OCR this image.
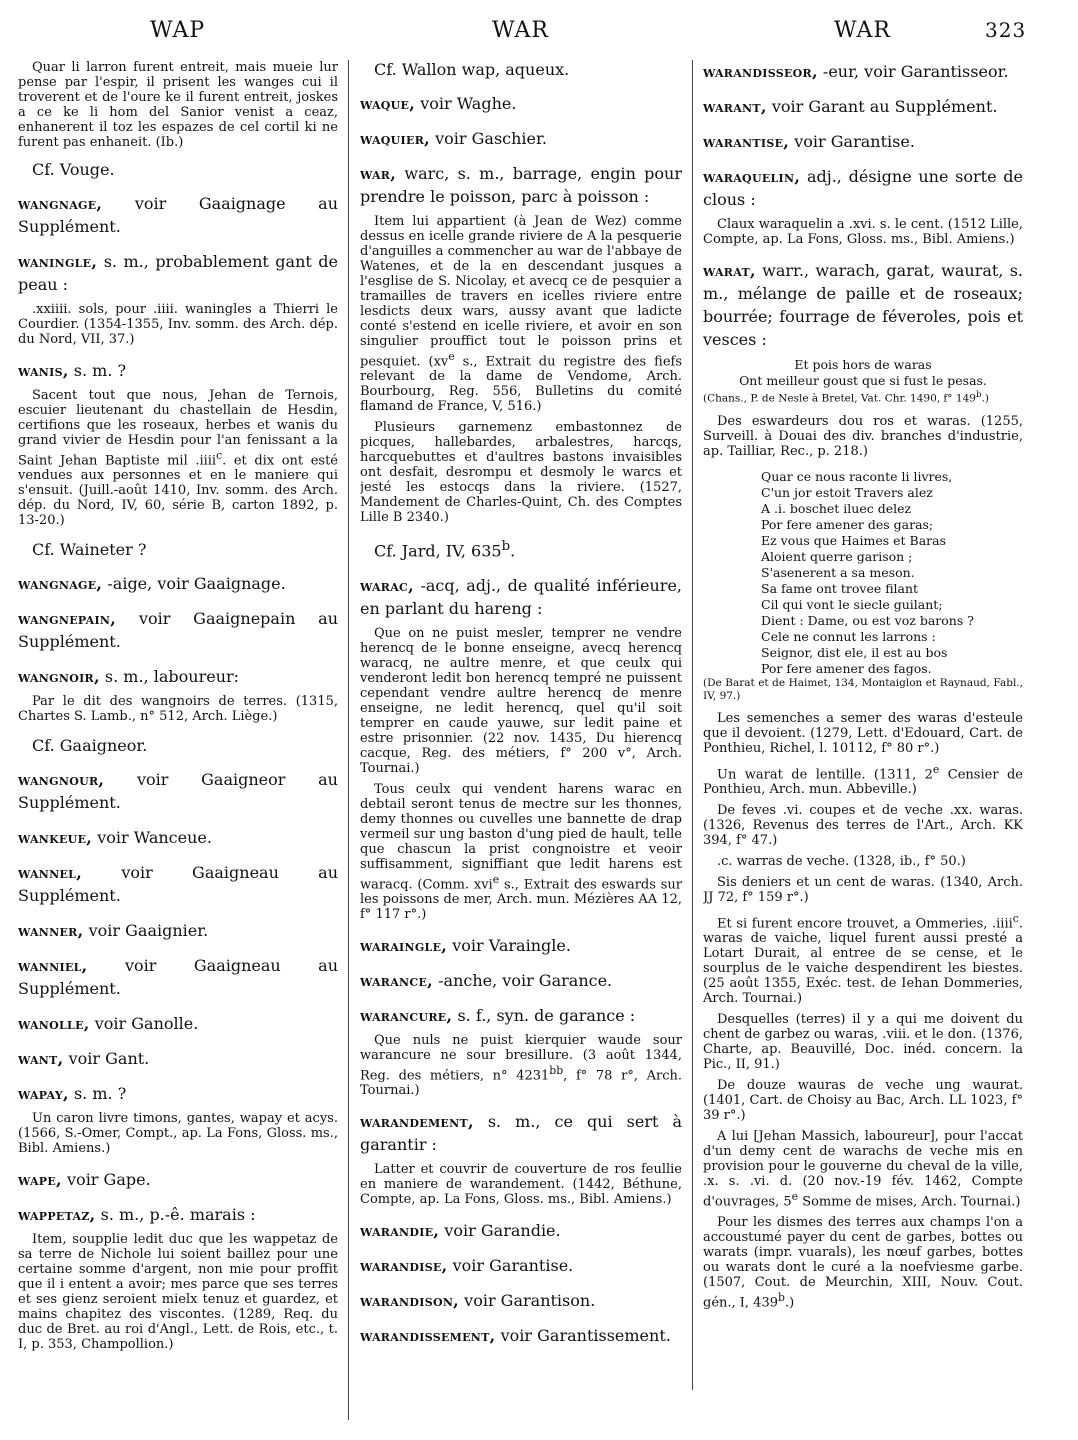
WAP	WAR	WAR	323

Quar li larron furent entreit, mais mueie lur pense par l'espir, il prisent les wanges cui il troverent et de l'oure ke il furent entreit, joskes a ce ke li hom del Sanior venist a ceaz, enhanerent il toz les espazes de cel cortil ki ne furent pas enhaneit. (Ib.)

Cf. Vouge.
wangnage, voir Gaaignage au Supplément.
waningle, s. m., probablement gant de peau :

.xxiiii. sols, pour .iiii. waningles a Thierri le Courdier. (1354-1355, Inv. somm. des Arch. dép. du Nord, VII, 37.)

wanis, s. m. ?

Sacent tout que nous, Jehan de Ternois, escuier lieutenant du chastellain de Hesdin, certifions que les roseaux, herbes et wanis du grand vivier de Hesdin pour l'an fenissant a la Saint Jehan Baptiste mil .iiii$^c$. et dix ont esté vendues aux personnes et en le maniere qui s'ensuit. (Juill.-août 1410, Inv. somm. des Arch. dép. du Nord, IV, 60, série B, carton 1892, p. 13-20.)

Cf. Waineter ?
wangnage, -aige, voir Gaaignage.
wangnepain, voir Gaaignepain au Supplément.
wangnoir, s. m., laboureur:

Par le dit des wangnoirs de terres. (1315, Chartes S. Lamb., n° 512, Arch. Liège.)

Cf. Gaaigneor.
wangnour, voir Gaaigneor au Supplément.
wankeue, voir Wanceue.
wannel, voir Gaaigneau au Supplément.
wanner, voir Gaaignier.
wanniel, voir Gaaigneau au Supplément.
wanolle, voir Ganolle.
want, voir Gant.
wapay, s. m. ?

Un caron livre timons, gantes, wapay et acys. (1566, S.-Omer, Compt., ap. La Fons, Gloss. ms., Bibl. Amiens.)

wape, voir Gape.
wappetaz, s. m., p.-ê. marais :

Item, soupplie ledit duc que les wappetaz de sa terre de Nichole lui soient baillez pour une certaine somme d'argent, non mie pour proffit que il i entent a avoir; mes parce que ses terres et ses gienz seroient mielx tenuz et guardez, et mains chapitez des viscontes. (1289, Req. du duc de Bret. au roi d'Angl., Lett. de Rois, etc., t. I, p. 353, Champollion.)

Cf. Wallon wap, aqueux.
waque, voir Waghe.
waquier, voir Gaschier.
war, warc, s. m., barrage, engin pour prendre le poisson, parc à poisson :

Item lui appartient (à Jean de Wez) comme dessus en icelle grande riviere de A la pesquerie d'anguilles a commencher au war de l'abbaye de Watenes, et de la en descendant jusques a l'esglise de S. Nicolay, et avecq ce de pesquier a tramailles de travers en icelles riviere entre lesdicts deux wars, aussy avant que ladicte conté s'estend en icelle riviere, et avoir en son singulier prouffict tout le poisson prins et pesquiet. ($xv^e$ s., Extrait du registre des fiefs relevant de la dame de Vendome, Arch. Bourbourg, Reg. 556, Bulletins du comité flamand de France, V, 516.)

Plusieurs garnemenz embastonnez de picques, hallebardes, arbalestres, harcqs, harcquebuttes et d'aultres bastons invaisibles ont desfait, desrompu et desmoly le warcs et jesté les estocqs dans la riviere. (1527, Mandement de Charles-Quint, Ch. des Comptes Lille B 2340.)

Cf. Jard, IV, 635$^b$.
warac, -acq, adj., de qualité inférieure, en parlant du hareng :

Que on ne puist mesler, temprer ne vendre herencq de le bonne enseigne, avecq herencq waracq, ne aultre menre, et que ceulx qui venderont ledit bon herencq tempré ne puissent cependant vendre aultre herencq de menre enseigne, ne ledit herencq, quel qu'il soit temprer en caude yauwe, sur ledit paine et estre prisonnier. (22 nov. 1435, Du hierencq cacque, Reg. des métiers, f° 200 v°, Arch. Tournai.)

Tous ceulx qui vendent harens warac en debtail seront tenus de mectre sur les thonnes, demy thonnes ou cuvelles une bannette de drap vermeil sur ung baston d'ung pied de hault, telle que chascun la prist congnoistre et veoir suffisamment, signiffiant que ledit harens est waracq. (Comm. xvi$^e$ s., Extrait des eswards sur les poissons de mer, Arch. mun. Mézières AA 12, f° 117 r°.)

waraingle, voir Varaingle.
warance, -anche, voir Garance.
warancure, s. f., syn. de garance :

Que nuls ne puist kierquier waude sour warancure ne sour bresillure. (3 août 1344, Reg. des métiers, n° $4231^{bb}$, f° 78 r°, Arch. Tournai.)

warandement, s. m., ce qui sert à garantir :

Latter et couvrir de couverture de ros feullie en maniere de warandement. (1442, Béthune, Compte, ap. La Fons, Gloss. ms., Bibl. Amiens.)

warandie, voir Garandie.
warandise, voir Garantise.
warandison, voir Garantison.
warandissement, voir Garantissement.
warandisseor, -eur, voir Garantisseor.
warant, voir Garant au Supplément.
warantise, voir Garantise.
waraquelin, adj., désigne une sorte de clous :

Claux waraquelin a .xvi. s. le cent. (1512 Lille, Compte, ap. La Fons, Gloss. ms., Bibl. Amiens.)

warat, warr., warach, garat, waurat, s. m., mélange de paille et de roseaux; bourrée; fourrage de féveroles, pois et vesces :
Et pois hors de waras
Ont meilleur goust que si fust le pesas.
(Chans., P. de Nesle à Bretel, Vat. Chr. 1490, f° 149$^b$.)

Des eswardeurs dou ros et waras. (1255, Surveill. à Douai des div. branches d'industrie, ap. Tailliar, Rec., p. 218.)

Quar ce nous raconte li livres,
C'un jor estoit Travers alez
A .i. boschet iluec delez
Por fere amener des garas;
Ez vous que Haimes et Baras
Aloient querre garison ;
S'asenerent a sa meson.
Sa fame ont trovee filant
Cil qui vont le siecle guilant;
Dient : Dame, ou est voz barons ?
Cele ne connut les larrons :
Seignor, dist ele, il est au bos
Por fere amener des fagos.
(De Barat et de Haimet, 134, Montaiglon et Raynaud, Fabl., IV, 97.)

Les semenches a semer des waras d'esteule que il devoient. (1279, Lett. d'Edouard, Cart. de Ponthieu, Richel, l. 10112, f° 80 r°.)

Un warat de lentille. (1311, 2e Censier de Ponthieu, Arch. mun. Abbeville.)

De feves .vi. coupes et de veche .xx. waras. (1326, Revenus des terres de l'Art., Arch. KK 394, f° 47.)

.c. warras de veche. (1328, ib., f° 50.)

Sis deniers et un cent de waras. (1340, Arch. JJ 72, f° 159 r°.)

Et si furent encore trouvet, a Ommeries, .iiii$^c$. waras de vaiche, liquel furent aussi presté a Lotart Durait, al entree de se cense, et le sourplus de le vaiche despendirent les biestes. (25 août 1355, Exéc. test. de Iehan Dommeries, Arch. Tournai.)

Desquelles (terres) il y a qui me doivent du chent de garbez ou waras, .viii. et le don. (1376, Charte, ap. Beauvillé, Doc. inéd. concern. la Pic., II, 91.)

De douze wauras de veche ung waurat. (1401, Cart. de Choisy au Bac, Arch. LL 1023, f° 39 r°.)

A lui [Jehan Massich, laboureur], pour l'accat d'un demy cent de warachs de veche mis en provision pour le gouverne du cheval de la ville, .x. s. .vi. d. (20 nov.-19 fév. 1462, Compte d'ouvrages, 5e Somme de mises, Arch. Tournai.)

Pour les dismes des terres aux champs l'on a accoustumé payer du cent de garbes, bottes ou warats (impr. vuarals), les nœuf garbes, bottes ou warats dont le curé a la noefviesme garbe. (1507, Cout. de Meurchin, XIII, Nouv. Cout. gén., I, 439$^b$.)
